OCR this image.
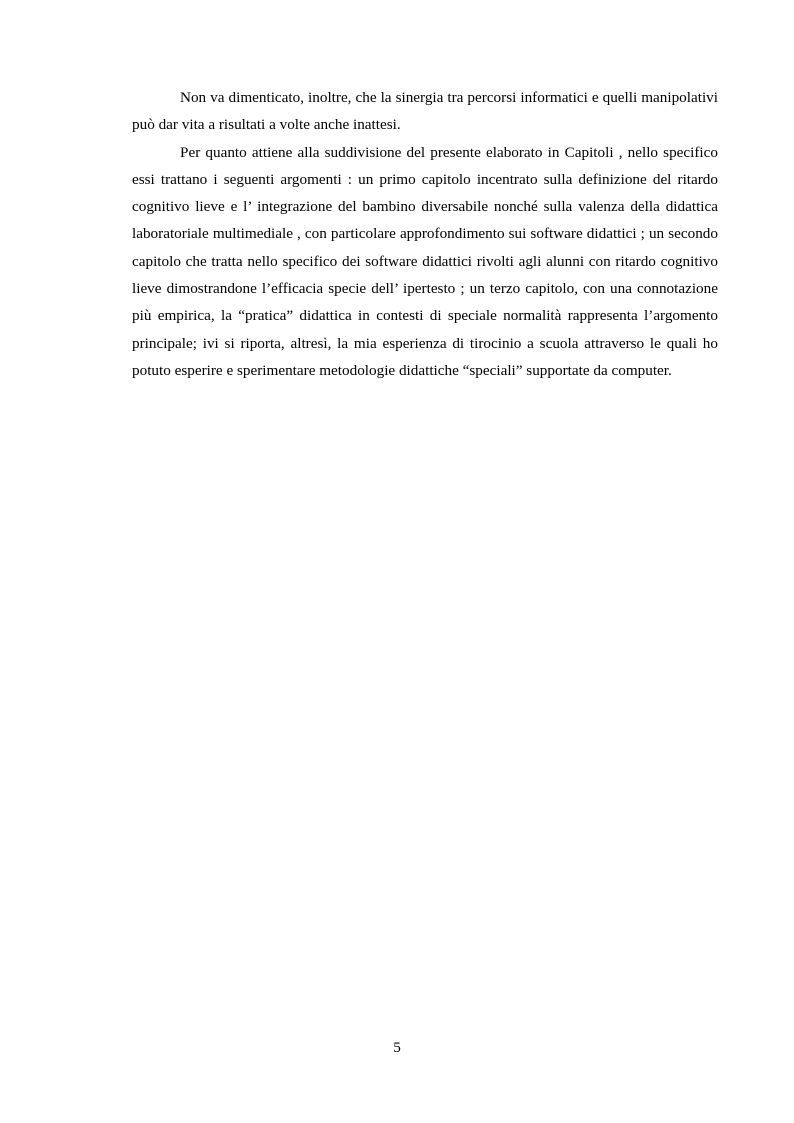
Non va dimenticato, inoltre, che la sinergia tra percorsi informatici e quelli manipolativi può dar vita a risultati a volte anche inattesi.

Per quanto attiene alla suddivisione del presente elaborato in Capitoli , nello specifico essi trattano i seguenti argomenti : un primo capitolo incentrato sulla definizione del ritardo cognitivo lieve e l’ integrazione del bambino diversabile nonché sulla valenza della didattica laboratoriale multimediale , con particolare approfondimento sui software didattici ; un secondo capitolo che tratta nello specifico dei software didattici rivolti agli alunni con ritardo cognitivo lieve dimostrandone l’efficacia specie dell’ ipertesto ; un terzo capitolo, con una connotazione più empirica, la “pratica” didattica in contesti di speciale normalità rappresenta l’argomento principale; ivi si riporta, altresì, la mia esperienza di tirocinio a scuola attraverso le quali ho potuto esperire e sperimentare metodologie didattiche “speciali” supportate da computer.

5
